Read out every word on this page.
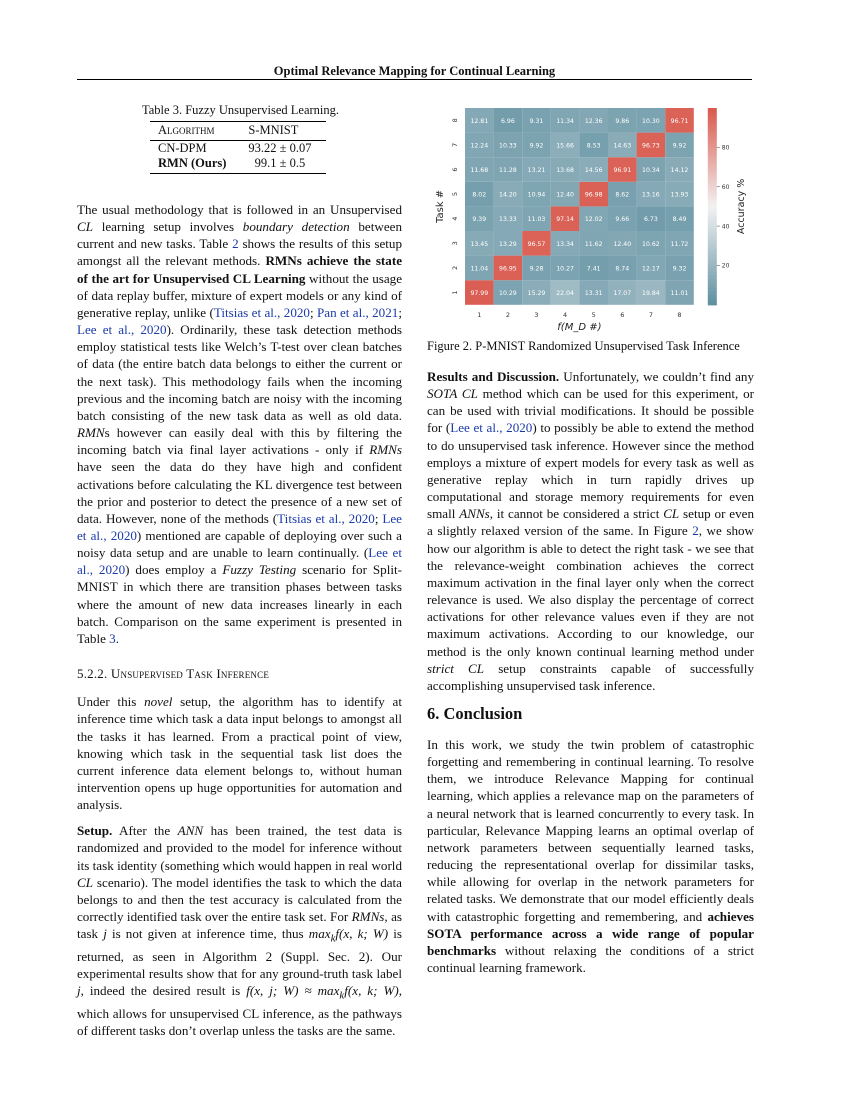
Optimal Relevance Mapping for Continual Learning
Table 3. Fuzzy Unsupervised Learning.
Algorithm	S-MNIST
CN-DPM	93.22 ± 0.07
RMN (Ours)	99.1 ± 0.5

The usual methodology that is followed in an Unsupervised CL learning setup involves boundary detection between current and new tasks. Table 2 shows the results of this setup amongst all the relevant methods. RMNs achieve the state of the art for Unsupervised CL Learning without the usage of data replay buffer, mixture of expert models or any kind of generative replay, unlike (Titsias et al., 2020; Pan et al., 2021; Lee et al., 2020). Ordinarily, these task detection methods employ statistical tests like Welch’s T-test over clean batches of data (the entire batch data belongs to either the current or the next task). This methodology fails when the incoming previous and the incoming batch are noisy with the incoming batch consisting of the new task data as well as old data. RMNs however can easily deal with this by filtering the incoming batch via final layer activations - only if RMNs have seen the data do they have high and confident activations before calculating the KL divergence test between the prior and posterior to detect the presence of a new set of data. However, none of the methods (Titsias et al., 2020; Lee et al., 2020) mentioned are capable of deploying over such a noisy data setup and are unable to learn continually. (Lee et al., 2020) does employ a Fuzzy Testing scenario for Split-MNIST in which there are transition phases between tasks where the amount of new data increases linearly in each batch. Comparison on the same experiment is presented in Table 3.

5.2.2. Unsupervised Task Inference

Under this novel setup, the algorithm has to identify at inference time which task a data input belongs to amongst all the tasks it has learned. From a practical point of view, knowing which task in the sequential task list does the current inference data element belongs to, without human intervention opens up huge opportunities for automation and analysis.

Setup. After the ANN has been trained, the test data is randomized and provided to the model for inference without its task identity (something which would happen in real world CL scenario). The model identifies the task to which the data belongs to and then the test accuracy is calculated from the correctly identified task over the entire task set. For RMNs, as task j is not given at inference time, thus $\max_kf(x$, k; W) is returned, as seen in Algorithm 2 (Suppl. Sec. 2). Our experimental results show that for any ground-truth task label j, indeed the desired result is f(x, j; $W) \approx \max_kf(x$, k; W), which allows for unsupervised CL inference, as the pathways of different tasks don’t overlap unless the tasks are the same.

97.99 10.29 15.29 22.04 13.31 17.07 19.84 11.01
11.04 96.95 9.28 10.27 7.41 8.74 12.17 9.32
13.45 13.29 96.57 13.34 11.62 12.40 10.62 11.72
9.39 13.33 11.03 97.14 12.02 9.66 6.73 8.49
8.02 14.20 10.94 12.40 96.98 8.62 13.16 13.93
11.68 11.28 13.21 13.68 14.56 96.91 10.34 14.12
12.24 10.33 9.92 15.66 8.53 14.63 96.73 9.92
12.81 6.96 9.31 11.34 12.36 9.86 10.30 96.71
1	2	3	4	5	6	7	8
1
2
3
4
5
6
7
8
f(M_D #)
Task #
20
40
60
80
Accuracy %
Figure 2. P-MNIST Randomized Unsupervised Task Inference

Results and Discussion. Unfortunately, we couldn’t find any SOTA CL method which can be used for this experiment, or can be used with trivial modifications. It should be possible for (Lee et al., 2020) to possibly be able to extend the method to do unsupervised task inference. However since the method employs a mixture of expert models for every task as well as generative replay which in turn rapidly drives up computational and storage memory requirements for even small ANNs, it cannot be considered a strict CL setup or even a slightly relaxed version of the same. In Figure 2, we show how our algorithm is able to detect the right task - we see that the relevance-weight combination achieves the correct maximum activation in the final layer only when the correct relevance is used. We also display the percentage of correct activations for other relevance values even if they are not maximum activations. According to our knowledge, our method is the only known continual learning method under strict CL setup constraints capable of successfully accomplishing unsupervised task inference.

6. Conclusion

In this work, we study the twin problem of catastrophic forgetting and remembering in continual learning. To resolve them, we introduce Relevance Mapping for continual learning, which applies a relevance map on the parameters of a neural network that is learned concurrently to every task. In particular, Relevance Mapping learns an optimal overlap of network parameters between sequentially learned tasks, reducing the representational overlap for dissimilar tasks, while allowing for overlap in the network parameters for related tasks. We demonstrate that our model efficiently deals with catastrophic forgetting and remembering, and achieves SOTA performance across a wide range of popular benchmarks without relaxing the conditions of a strict continual learning framework.
